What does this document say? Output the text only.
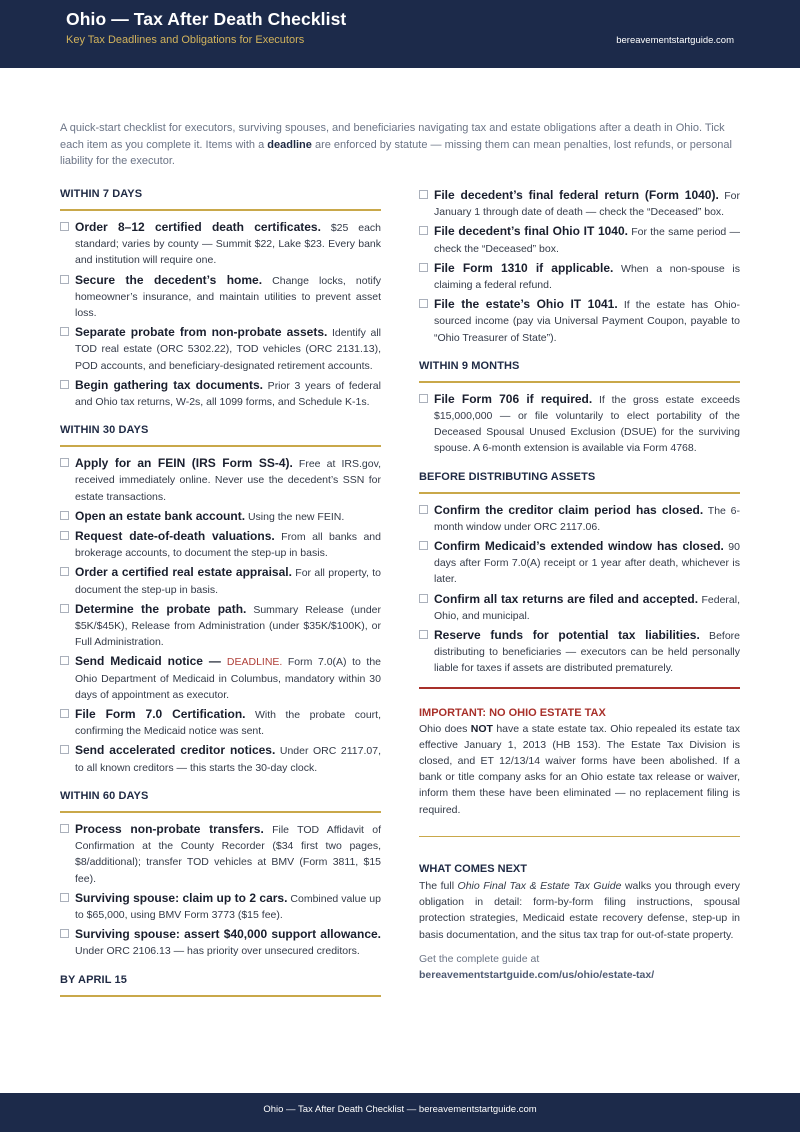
Ohio — Tax After Death Checklist
Key Tax Deadlines and Obligations for Executors	bereavementstartguide.com
A quick-start checklist for executors, surviving spouses, and beneficiaries navigating tax and estate obligations after a death in Ohio. Tick each item as you complete it. Items with a deadline are enforced by statute — missing them can mean penalties, lost refunds, or personal liability for the executor.
WITHIN 7 DAYS
Order 8–12 certified death certificates. $25 each standard; varies by county — Summit $22, Lake $23. Every bank and institution will require one.
Secure the decedent’s home. Change locks, notify homeowner’s insurance, and maintain utilities to prevent asset loss.
Separate probate from non-probate assets. Identify all TOD real estate (ORC 5302.22), TOD vehicles (ORC 2131.13), POD accounts, and beneficiary-designated retirement accounts.
Begin gathering tax documents. Prior 3 years of federal and Ohio tax returns, W-2s, all 1099 forms, and Schedule K-1s.
WITHIN 30 DAYS
Apply for an FEIN (IRS Form SS-4). Free at IRS.gov, received immediately online. Never use the decedent’s SSN for estate transactions.
Open an estate bank account. Using the new FEIN.
Request date-of-death valuations. From all banks and brokerage accounts, to document the step-up in basis.
Order a certified real estate appraisal. For all property, to document the step-up in basis.
Determine the probate path. Summary Release (under $5K/$45K), Release from Administration (under $35K/$100K), or Full Administration.
Send Medicaid notice — DEADLINE. Form 7.0(A) to the Ohio Department of Medicaid in Columbus, mandatory within 30 days of appointment as executor.
File Form 7.0 Certification. With the probate court, confirming the Medicaid notice was sent.
Send accelerated creditor notices. Under ORC 2117.07, to all known creditors — this starts the 30-day clock.
WITHIN 60 DAYS
Process non-probate transfers. File TOD Affidavit of Confirmation at the County Recorder ($34 first two pages, $8/additional); transfer TOD vehicles at BMV (Form 3811, $15 fee).
Surviving spouse: claim up to 2 cars. Combined value up to $65,000, using BMV Form 3773 ($15 fee).
Surviving spouse: assert $40,000 support allowance. Under ORC 2106.13 — has priority over unsecured creditors.
BY APRIL 15
File decedent’s final federal return (Form 1040). For January 1 through date of death — check the “Deceased” box.
File decedent’s final Ohio IT 1040. For the same period — check the “Deceased” box.
File Form 1310 if applicable. When a non-spouse is claiming a federal refund.
File the estate’s Ohio IT 1041. If the estate has Ohio-sourced income (pay via Universal Payment Coupon, payable to “Ohio Treasurer of State”).
WITHIN 9 MONTHS
File Form 706 if required. If the gross estate exceeds $15,000,000 — or file voluntarily to elect portability of the Deceased Spousal Unused Exclusion (DSUE) for the surviving spouse. A 6-month extension is available via Form 4768.
BEFORE DISTRIBUTING ASSETS
Confirm the creditor claim period has closed. The 6-month window under ORC 2117.06.
Confirm Medicaid’s extended window has closed. 90 days after Form 7.0(A) receipt or 1 year after death, whichever is later.
Confirm all tax returns are filed and accepted. Federal, Ohio, and municipal.
Reserve funds for potential tax liabilities. Before distributing to beneficiaries — executors can be held personally liable for taxes if assets are distributed prematurely.
IMPORTANT: NO OHIO ESTATE TAX
Ohio does NOT have a state estate tax. Ohio repealed its estate tax effective January 1, 2013 (HB 153). The Estate Tax Division is closed, and ET 12/13/14 waiver forms have been abolished. If a bank or title company asks for an Ohio estate tax release or waiver, inform them these have been eliminated — no replacement filing is required.
WHAT COMES NEXT
The full Ohio Final Tax & Estate Tax Guide walks you through every obligation in detail: form-by-form filing instructions, spousal protection strategies, Medicaid estate recovery defense, step-up in basis documentation, and the situs tax trap for out-of-state property.
Get the complete guide at
bereavementstartguide.com/us/ohio/estate-tax/
Ohio — Tax After Death Checklist — bereavementstartguide.com
